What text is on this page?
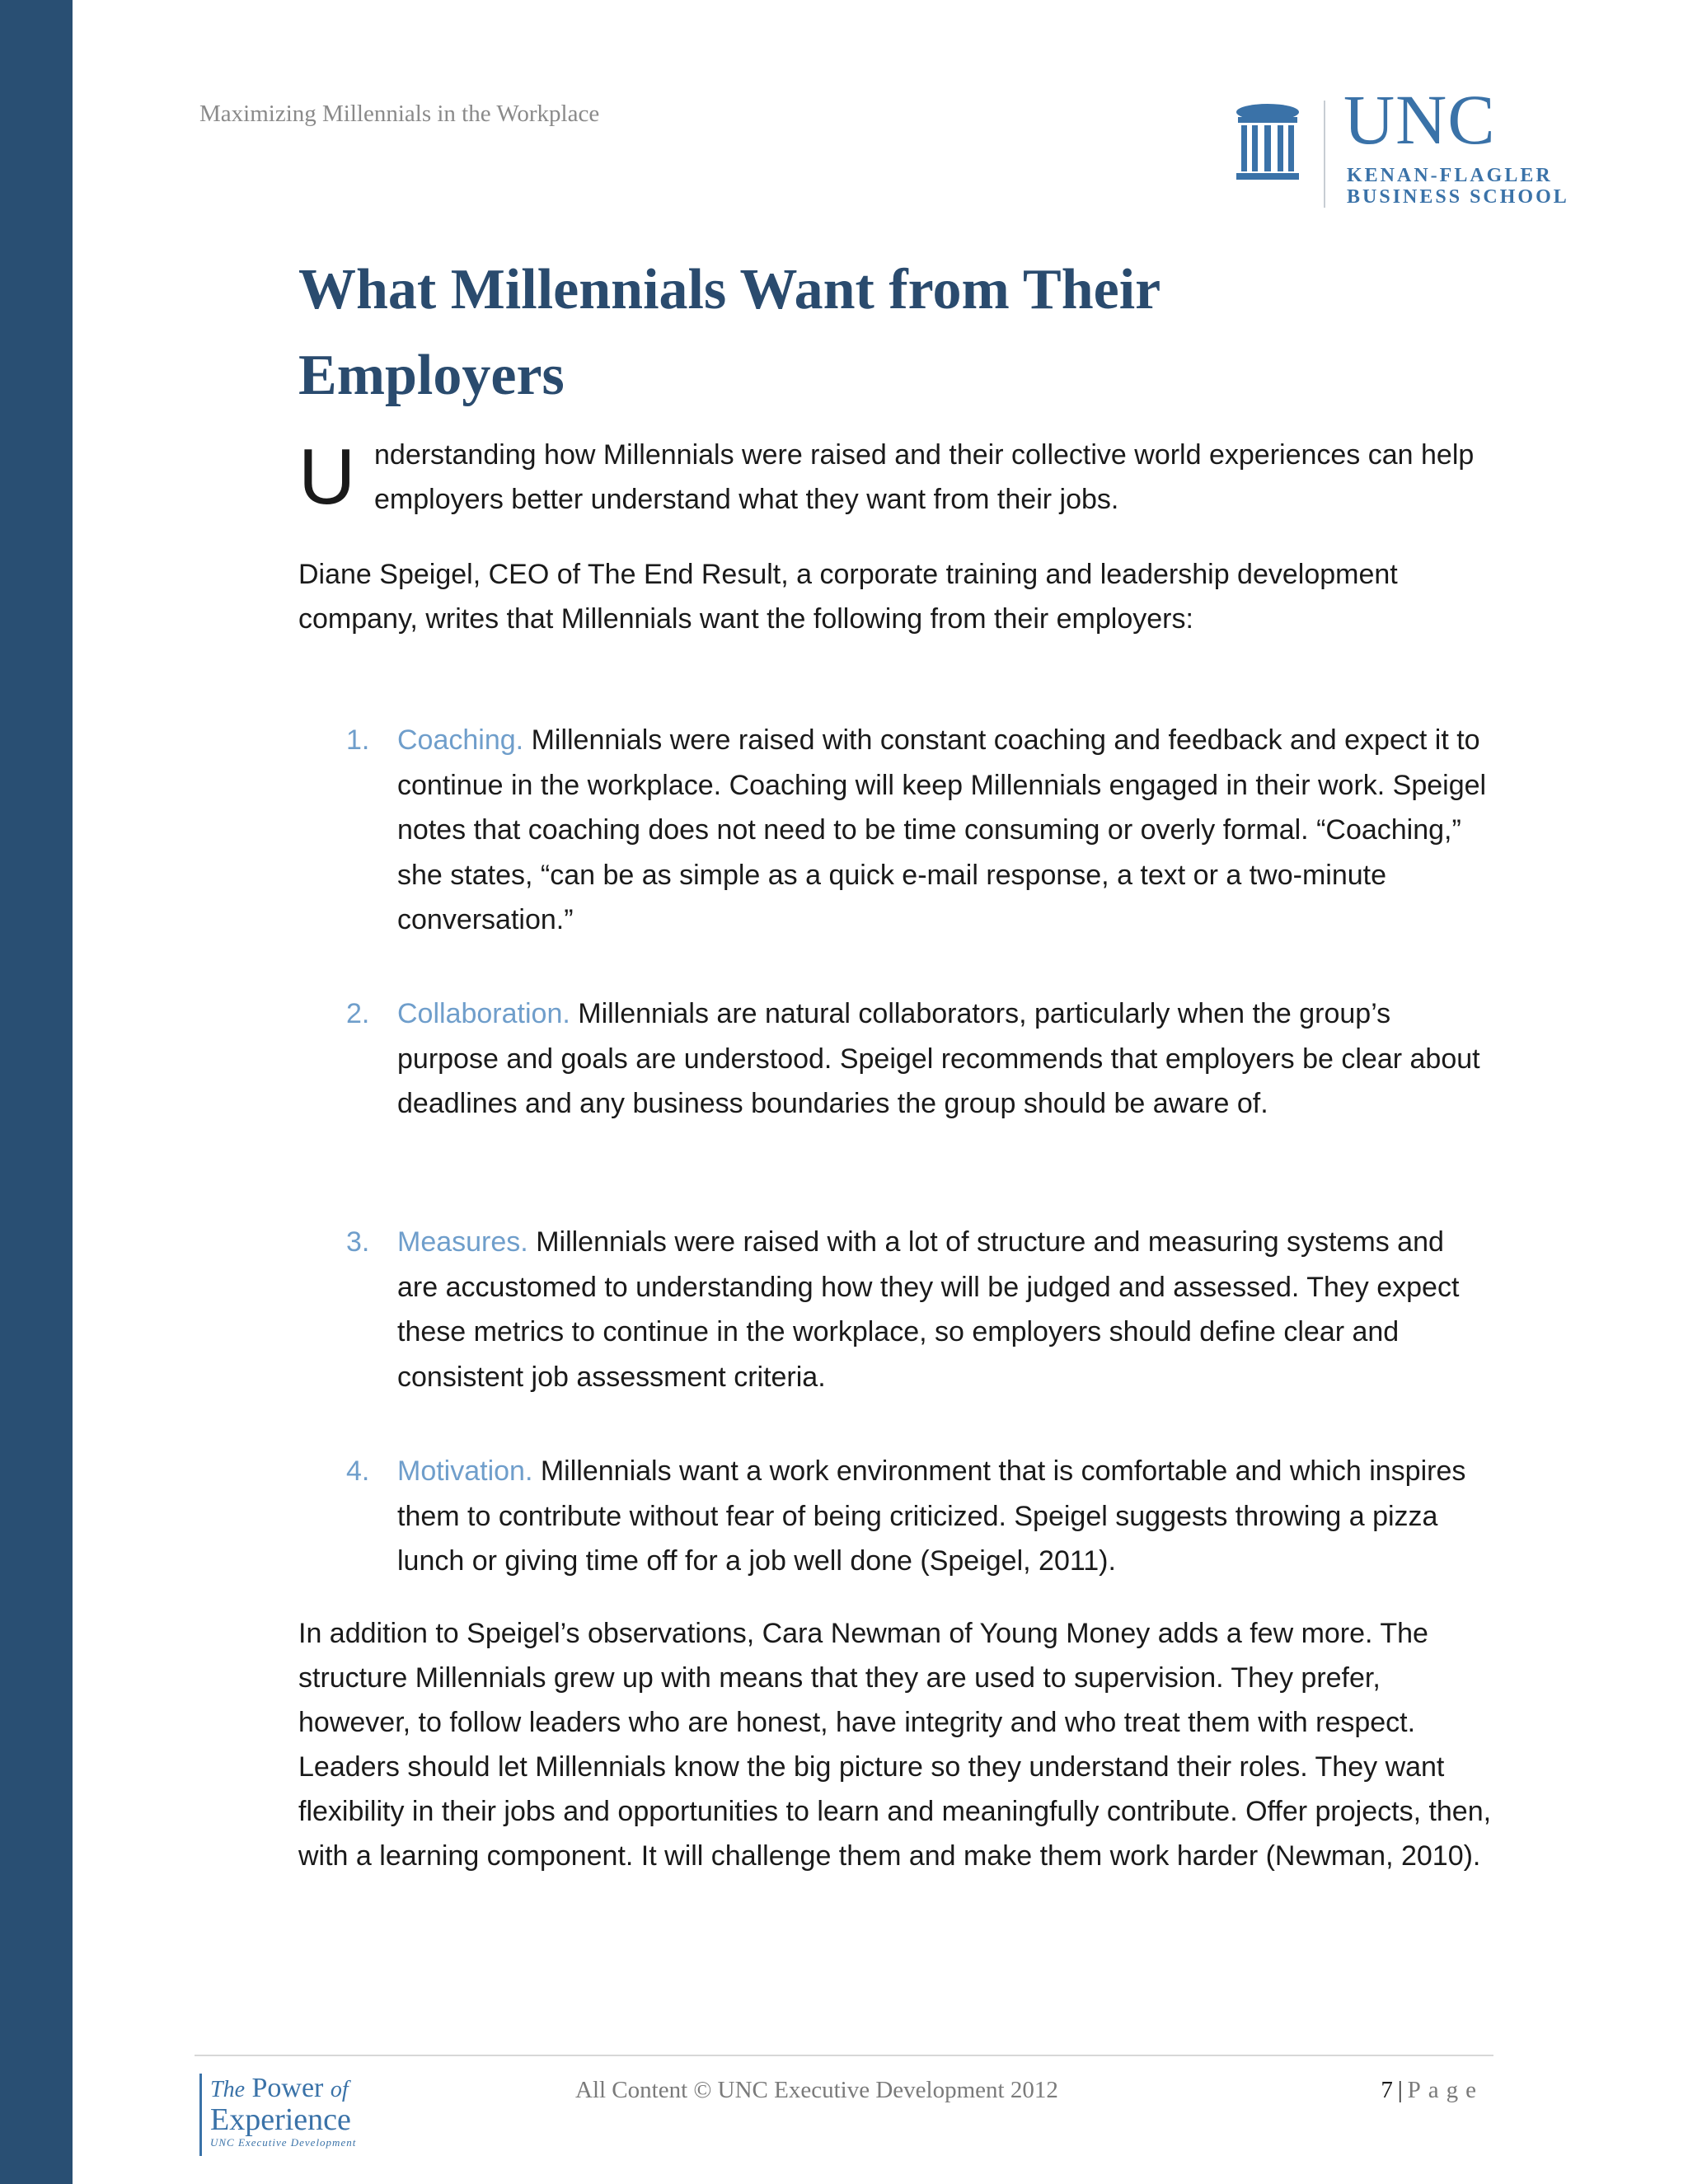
Maximizing Millennials in the Workplace	UNC
KENAN-FLAGLER
BUSINESS SCHOOL
What Millennials Want from Their
Employers
U nderstanding how Millennials were raised and their collective world experiences can help employers better understand what they want from their jobs.

Diane Speigel, CEO of The End Result, a corporate training and leadership development company, writes that Millennials want the following from their employers:

1. Coaching. Millennials were raised with constant coaching and feedback and expect it to continue in the workplace. Coaching will keep Millennials engaged in their work. Speigel notes that coaching does not need to be time consuming or overly formal. “Coaching,” she states, “can be as simple as a quick e-mail response, a text or a two-minute conversation.”
2. Collaboration. Millennials are natural collaborators, particularly when the group’s purpose and goals are understood. Speigel recommends that employers be clear about deadlines and any business boundaries the group should be aware of.
3. Measures. Millennials were raised with a lot of structure and measuring systems and are accustomed to understanding how they will be judged and assessed. They expect these metrics to continue in the workplace, so employers should define clear and consistent job assessment criteria.
4. Motivation. Millennials want a work environment that is comfortable and which inspires them to contribute without fear of being criticized. Speigel suggests throwing a pizza lunch or giving time off for a job well done (Speigel, 2011).

In addition to Speigel’s observations, Cara Newman of Young Money adds a few more. The structure Millennials grew up with means that they are used to supervision. They prefer, however, to follow leaders who are honest, have integrity and who treat them with respect. Leaders should let Millennials know the big picture so they understand their roles. They want flexibility in their jobs and opportunities to learn and meaningfully contribute. Offer projects, then, with a learning component. It will challenge them and make them work harder (Newman, 2010).

The Power of
Experience
UNC Executive Development
All Content © UNC Executive Development 2012	7 | Page
